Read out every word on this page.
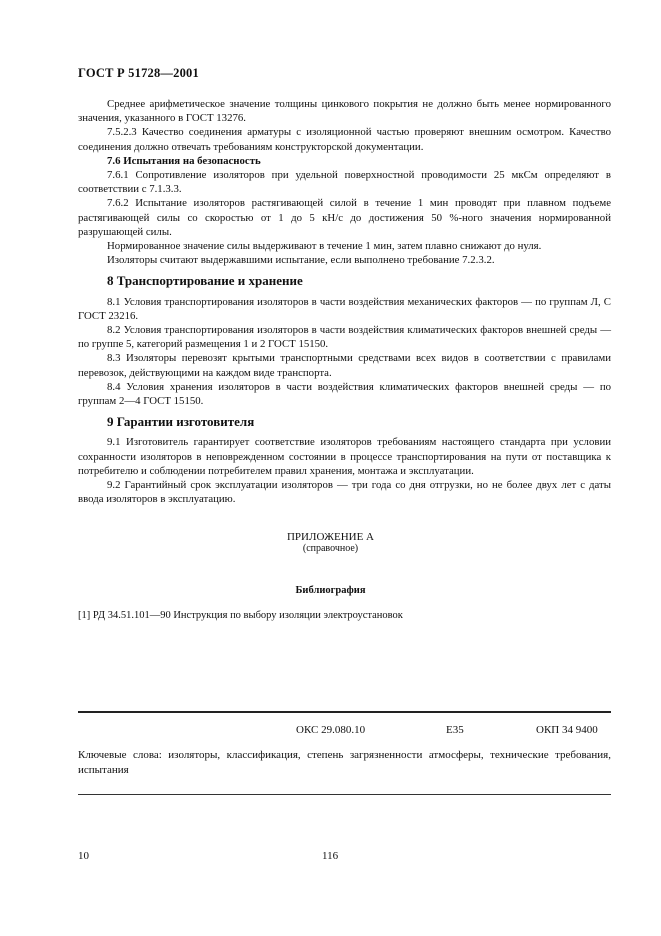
ГОСТ Р 51728—2001

Среднее арифметическое значение толщины цинкового покрытия не должно быть менее нормированного значения, указанного в ГОСТ 13276.

7.5.2.3 Качество соединения арматуры с изоляционной частью проверяют внешним осмотром. Качество соединения должно отвечать требованиям конструкторской документации.

7.6 Испытания на безопасность

7.6.1 Сопротивление изоляторов при удельной поверхностной проводимости 25 мкСм определяют в соответствии с 7.1.3.3.

7.6.2 Испытание изоляторов растягивающей силой в течение 1 мин проводят при плавном подъеме растягивающей силы со скоростью от 1 до 5 кН/с до достижения 50 %-ного значения нормированной разрушающей силы.

Нормированное значение силы выдерживают в течение 1 мин, затем плавно снижают до нуля.

Изоляторы считают выдержавшими испытание, если выполнено требование 7.2.3.2.

8 Транспортирование и хранение

8.1 Условия транспортирования изоляторов в части воздействия механических факторов — по группам Л, С ГОСТ 23216.

8.2 Условия транспортирования изоляторов в части воздействия климатических факторов внешней среды — по группе 5, категорий размещения 1 и 2 ГОСТ 15150.

8.3 Изоляторы перевозят крытыми транспортными средствами всех видов в соответствии с правилами перевозок, действующими на каждом виде транспорта.

8.4 Условия хранения изоляторов в части воздействия климатических факторов внешней среды — по группам 2—4 ГОСТ 15150.

9 Гарантии изготовителя

9.1 Изготовитель гарантирует соответствие изоляторов требованиям настоящего стандарта при условии сохранности изоляторов в неповрежденном состоянии в процессе транспортирования на пути от поставщика к потребителю и соблюдении потребителем правил хранения, монтажа и эксплуатации.

9.2 Гарантийный срок эксплуатации изоляторов — три года со дня отгрузки, но не более двух лет с даты ввода изоляторов в эксплуатацию.

ПРИЛОЖЕНИЕ А
(справочное)
Библиография
[1] РД 34.51.101—90 Инструкция по выбору изоляции электроустановок
ОКС 29.080.10	Е35	ОКП 34 9400
Ключевые слова: изоляторы, классификация, степень загрязненности атмосферы, технические требования, испытания
10	116
